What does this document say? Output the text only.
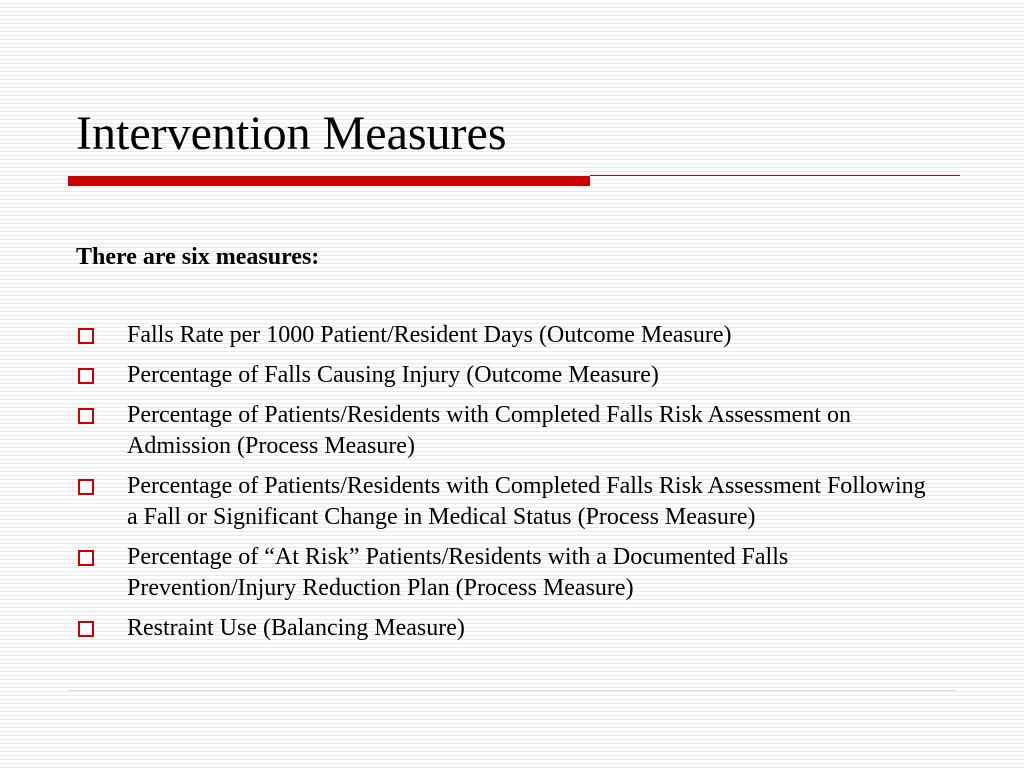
Intervention Measures

There are six measures:

Falls Rate per 1000 Patient/Resident Days (Outcome Measure)
Percentage of Falls Causing Injury (Outcome Measure)
Percentage of Patients/Residents with Completed Falls Risk Assessment on Admission (Process Measure)
Percentage of Patients/Residents with Completed Falls Risk Assessment Following a Fall or Significant Change in Medical Status (Process Measure)
Percentage of “At Risk” Patients/Residents with a Documented Falls Prevention/Injury Reduction Plan (Process Measure)
Restraint Use (Balancing Measure)
